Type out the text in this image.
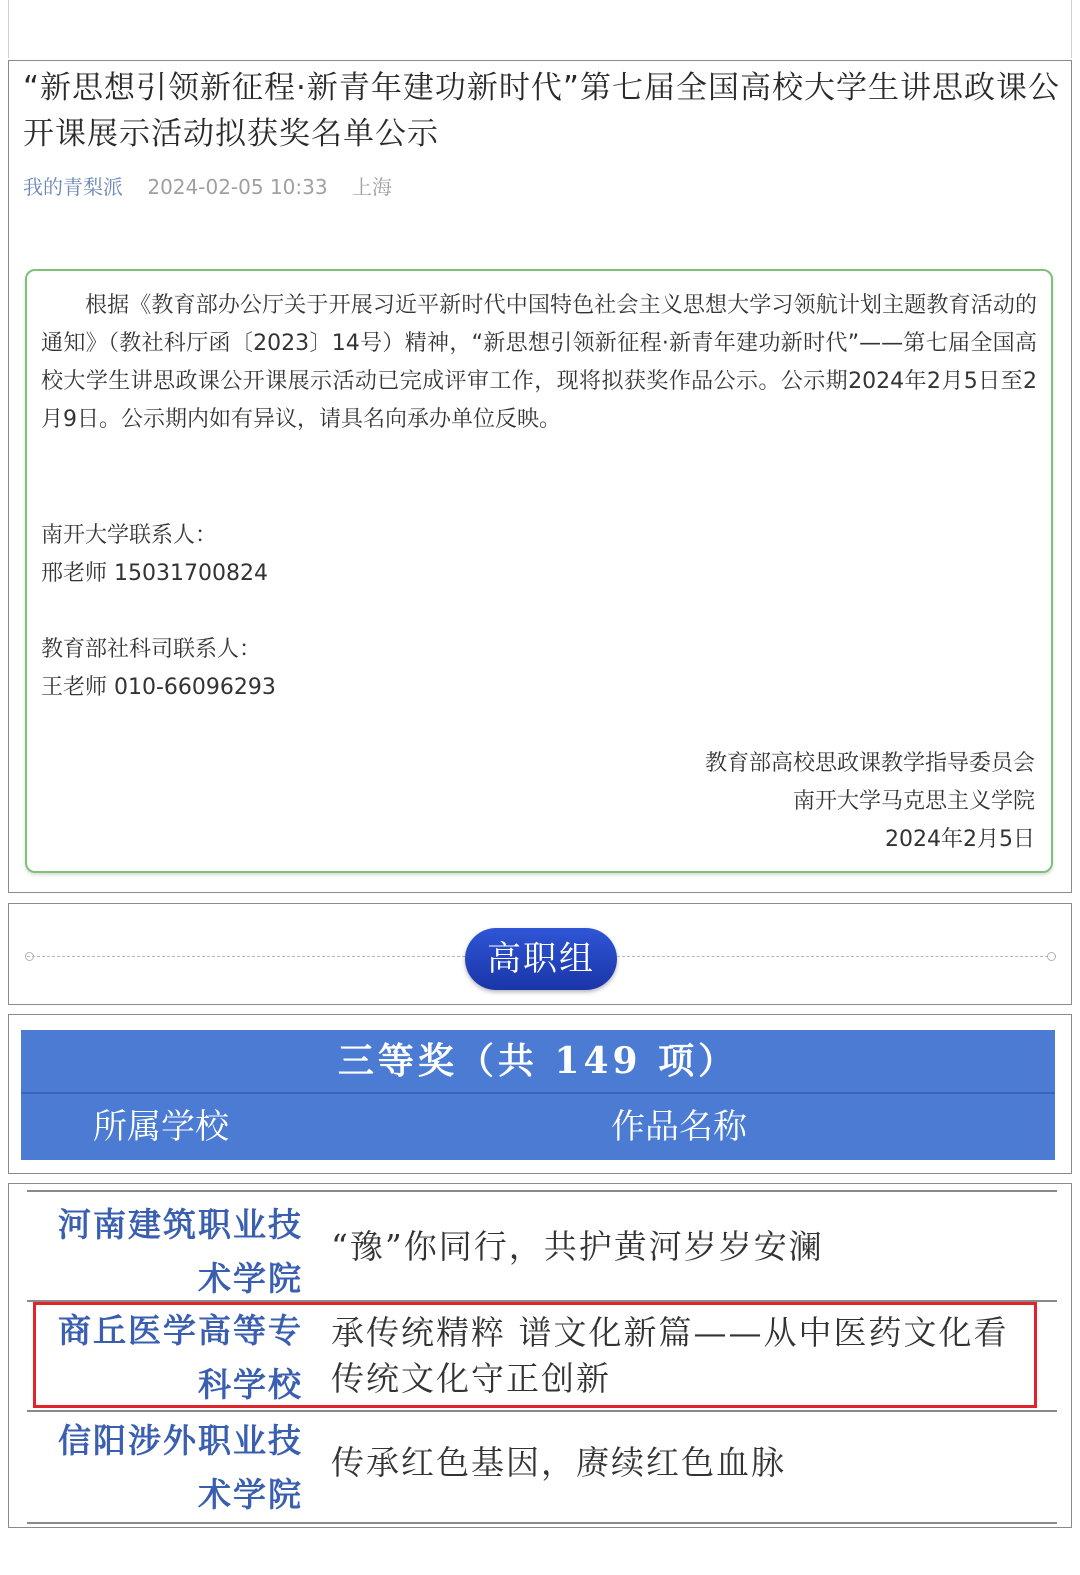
“新思想引领新征程·新青年建功新时代”第七届全国高校大学生讲思政课公开课展示活动拟获奖名单公示
我的青梨派 2024-02-05 10:33 上海

根据《教育部办公厅关于开展习近平新时代中国特色社会主义思想大学习领航计划主题教育活动的通知》（教社科厅函〔2023〕14号）精神，“新思想引领新征程·新青年建功新时代”——第七届全国高校大学生讲思政课公开课展示活动已完成评审工作，现将拟获奖作品公示。公示期2024年2月5日至2月9日。公示期内如有异议，请具名向承办单位反映。

南开大学联系人：

邢老师 15031700824

教育部社科司联系人：

王老师 010-66096293

教育部高校思政课教学指导委员会
南开大学马克思主义学院
2024年2月5日
高职组
三等奖（共 149 项）
所属学校	作品名称
河南建筑职业技术学院
“豫”你同行，共护黄河岁岁安澜
商丘医学高等专科学校
承传统精粹 谱文化新篇——从中医药文化看传统文化守正创新
信阳涉外职业技术学院
传承红色基因，赓续红色血脉
